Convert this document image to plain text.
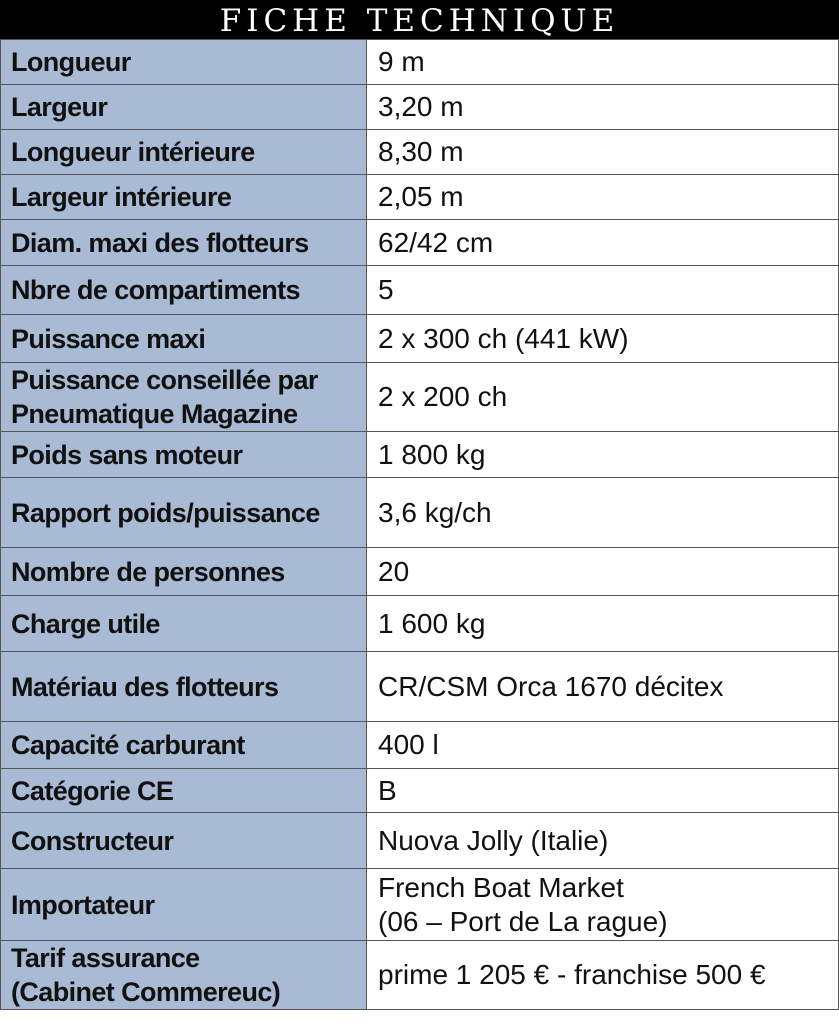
FICHE TECHNIQUE
Longueur	9 m

Largeur	3,20 m

Longueur intérieure	8,30 m

Largeur intérieure	2,05 m

Diam. maxi des flotteurs	62/42 cm

Nbre de compartiments	5

Puissance maxi	2 x 300 ch (441 kW)

Puissance conseillée par
Pneumatique Magazine	2 x 200 ch

Poids sans moteur	1 800 kg

Rapport poids/puissance	3,6 kg/ch

Nombre de personnes	20

Charge utile	1 600 kg

Matériau des flotteurs	CR/CSM Orca 1670 décitex

Capacité carburant	400 l

Catégorie CE	B

Constructeur	Nuova Jolly (Italie)

Importateur	French Boat Market
(06 – Port de La rague)

Tarif assurance
(Cabinet Commereuc)	prime 1 205 € - franchise 500 €
